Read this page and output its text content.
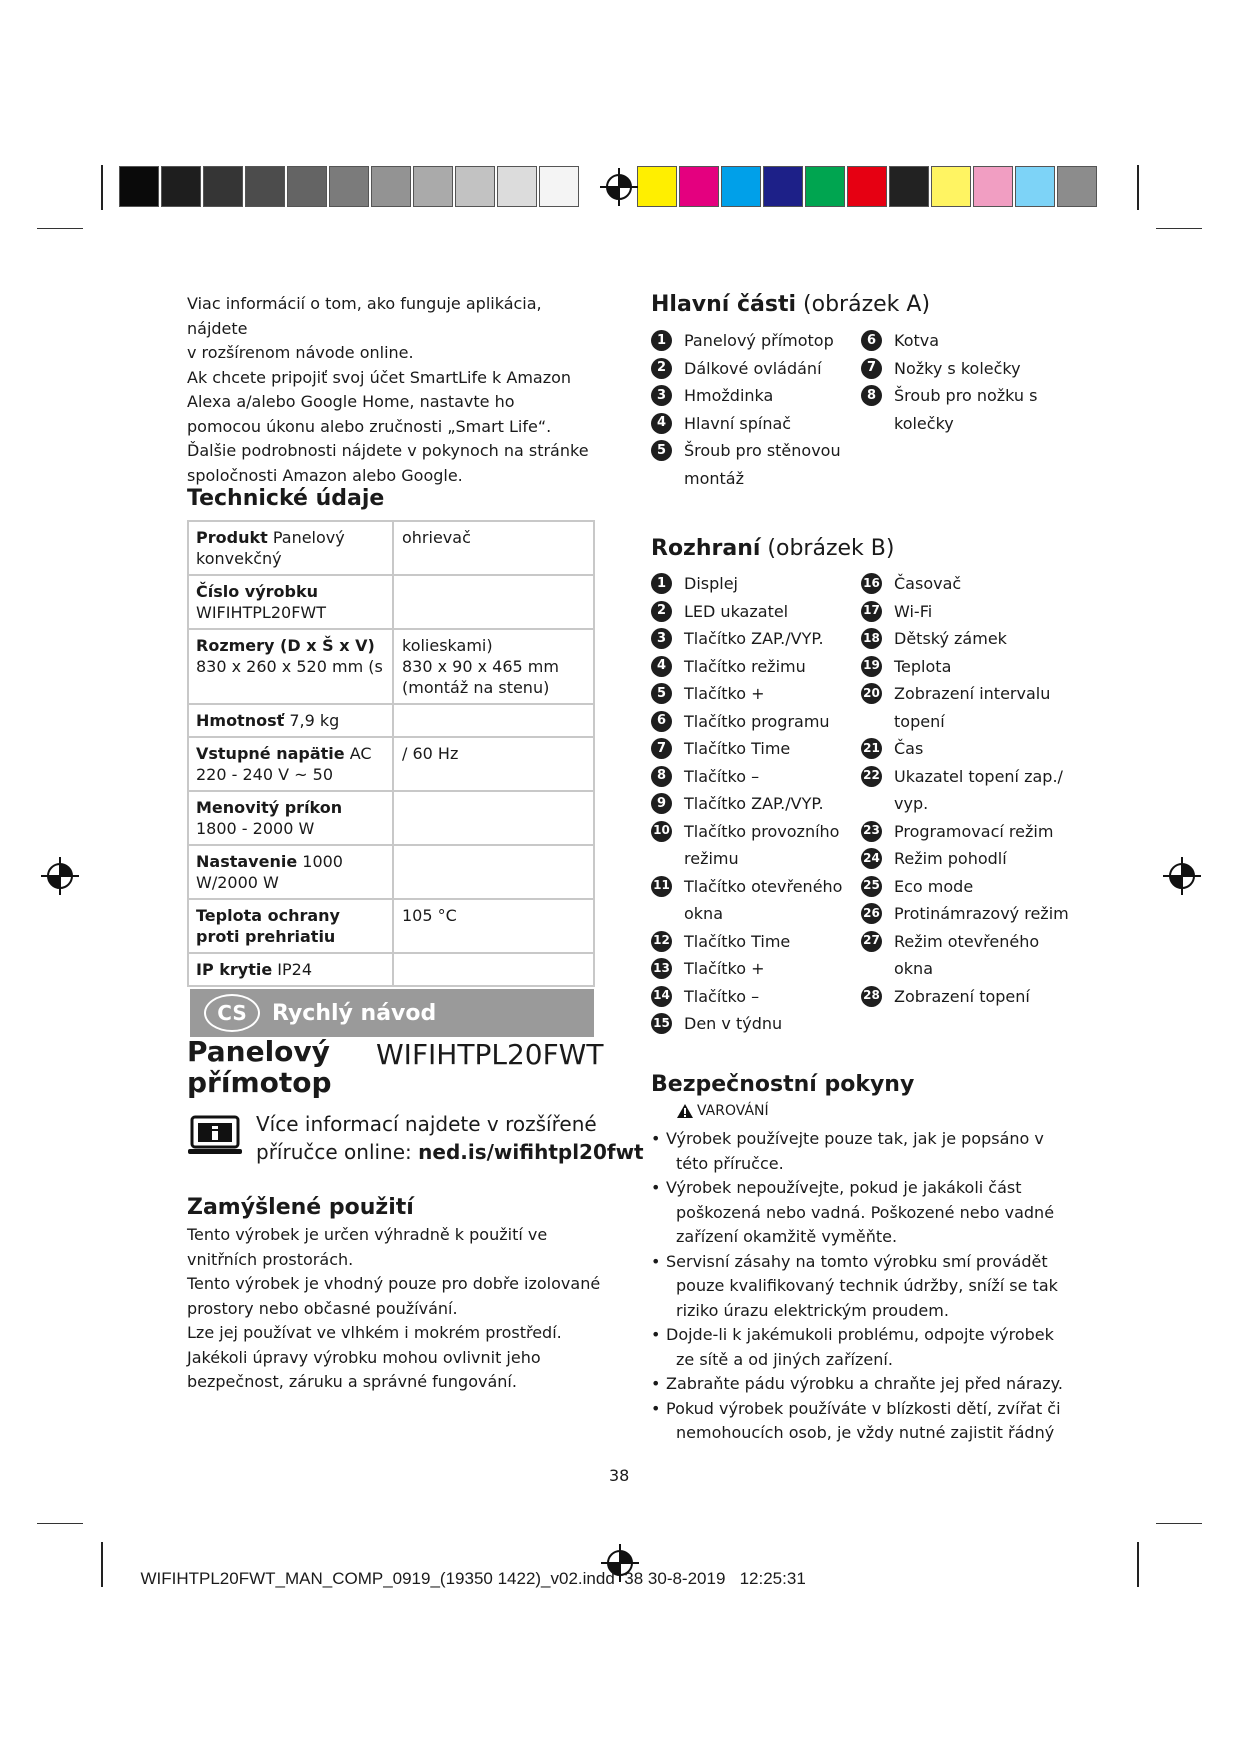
Viac informácií o tom, ako funguje aplikácia, nájdete
v rozšírenom návode online.
Ak chcete pripojiť svoj účet SmartLife k Amazon
Alexa a/alebo Google Home, nastavte ho
pomocou úkonu alebo zručnosti „Smart Life“.
Ďalšie podrobnosti nájdete v pokynoch na stránke
spoločnosti Amazon alebo Google.
Technické údaje
Produkt Panelový konvekčný	ohrievač

Číslo výrobku WIFIHTPL20FWT	
Rozmery (D x Š x V) 830 x 260 x 520 mm (s	kolieskami)
830 x 90 x 465 mm
(montáž na stenu)

Hmotnosť 7,9 kg	
Vstupné napätie AC 220 - 240 V ~ 50	/ 60 Hz

Menovitý príkon 1800 - 2000 W	
Nastavenie 1000 W/2000 W	
Teplota ochrany proti prehriatiu	105 °C

IP krytie IP24	
CS	Rychlý návod
Panelový
přímotop
WIFIHTPL20FWT
Více informací najdete v rozšířené
příručce online: ned.is/wifihtpl20fwt
Zamýšlené použití
Tento výrobek je určen výhradně k použití ve
vnitřních prostorách.
Tento výrobek je vhodný pouze pro dobře izolované
prostory nebo občasné používání.
Lze jej používat ve vlhkém i mokrém prostředí.
Jakékoli úpravy výrobku mohou ovlivnit jeho
bezpečnost, záruku a správné fungování.
Hlavní části (obrázek A)
1	Panelový přímotop
2	Dálkové ovládání
3	Hmoždinka
4	Hlavní spínač
5	Šroub pro stěnovou
montáž
6	Kotva
7	Nožky s kolečky
8	Šroub pro nožku s
kolečky
Rozhraní (obrázek B)
1	Displej
2	LED ukazatel
3	Tlačítko ZAP./VYP.
4	Tlačítko režimu
5	Tlačítko +
6	Tlačítko programu
7	Tlačítko Time
8	Tlačítko –
9	Tlačítko ZAP./VYP.
10 Tlačítko provozního
režimu
11 Tlačítko otevřeného
okna
12 Tlačítko Time
13 Tlačítko +
14 Tlačítko –
15 Den v týdnu
16 Časovač
17 Wi-Fi
18 Dětský zámek
19 Teplota
20 Zobrazení intervalu
topení
21 Čas
22 Ukazatel topení zap./
vyp.
23 Programovací režim
24 Režim pohodlí
25 Eco mode
26 Protinámrazový režim
27 Režim otevřeného
okna
28 Zobrazení topení
Bezpečnostní pokyny
VAROVÁNÍ
• Výrobek používejte pouze tak, jak je popsáno v
této příručce.
• Výrobek nepoužívejte, pokud je jakákoli část
poškozená nebo vadná. Poškozené nebo vadné
zařízení okamžitě vyměňte.
• Servisní zásahy na tomto výrobku smí provádět
pouze kvalifikovaný technik údržby, sníží se tak
riziko úrazu elektrickým proudem.
• Dojde-li k jakémukoli problému, odpojte výrobek
ze sítě a od jiných zařízení.
• Zabraňte pádu výrobku a chraňte jej před nárazy.
• Pokud výrobek používáte v blízkosti dětí, zvířat či
nemohoucích osob, je vždy nutné zajistit řádný
38

WIFIHTPL20FWT_MAN_COMP_0919_(19350 1422)_v02.indd 38 30-8-2019 12:25:31
